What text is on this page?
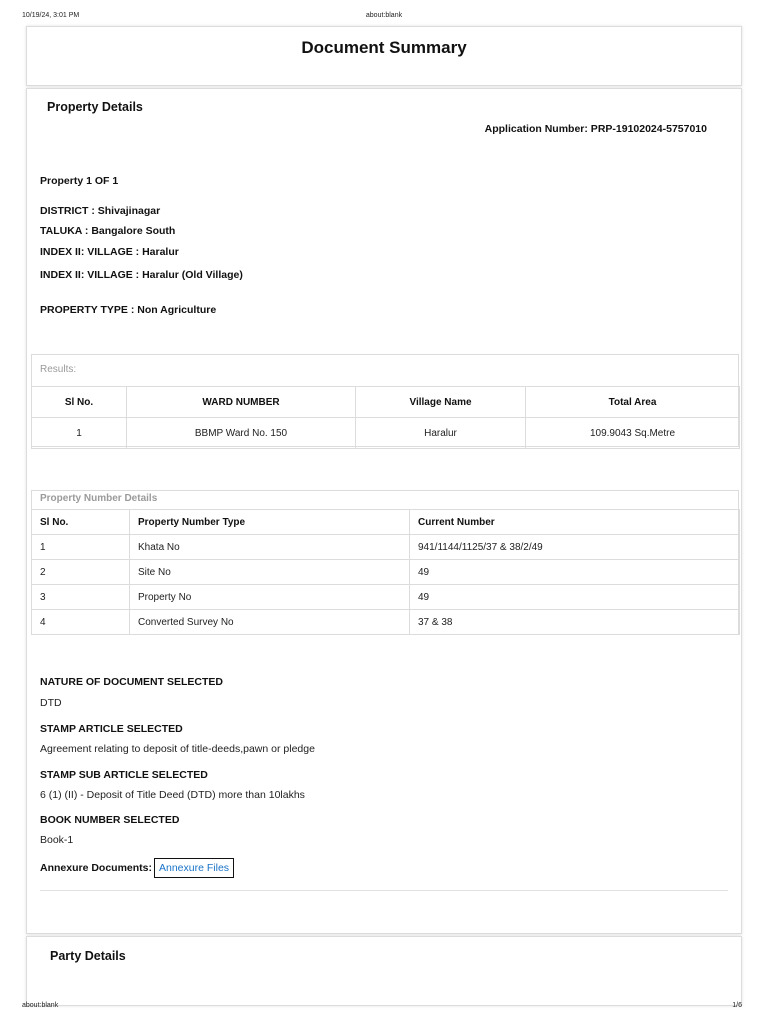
10/19/24, 3:01 PM	about:blank
Document Summary
Property Details
Application Number: PRP-19102024-5757010
Property 1 OF 1
DISTRICT : Shivajinagar
TALUKA : Bangalore South
INDEX II: VILLAGE : Haralur
INDEX II: VILLAGE : Haralur (Old Village)
PROPERTY TYPE : Non Agriculture
Results:
Sl No.	WARD NUMBER	Village Name	Total Area
1	BBMP Ward No. 150	Haralur	109.9043 Sq.Metre
Property Number Details
Sl No.	Property Number Type	Current Number
1	Khata No	941/1144/1125/37 & 38/2/49
2	Site No	49
3	Property No	49
4	Converted Survey No	37 & 38
NATURE OF DOCUMENT SELECTED
DTD
STAMP ARTICLE SELECTED
Agreement relating to deposit of title-deeds,pawn or pledge
STAMP SUB ARTICLE SELECTED
6 (1) (II) - Deposit of Title Deed (DTD) more than 10lakhs
BOOK NUMBER SELECTED
Book-1
Annexure Documents: Annexure Files
Party Details
about:blank	1/6
